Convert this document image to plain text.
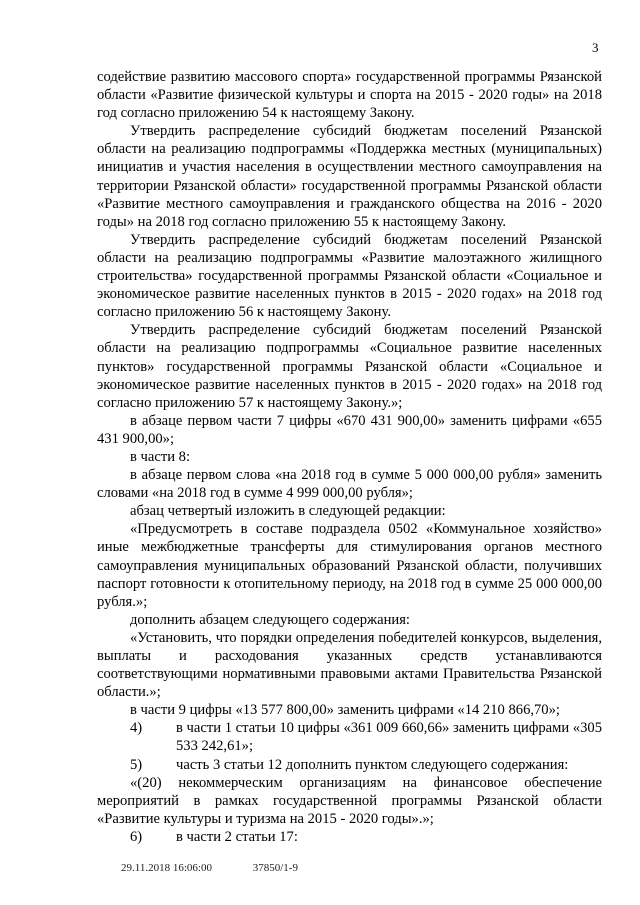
3

содействие развитию массового спорта» государственной программы Рязанской области «Развитие физической культуры и спорта на 2015 - 2020 годы» на 2018 год согласно приложению 54 к настоящему Закону.

Утвердить распределение субсидий бюджетам поселений Рязанской области на реализацию подпрограммы «Поддержка местных (муниципальных) инициатив и участия населения в осуществлении местного самоуправления на территории Рязанской области» государственной программы Рязанской области «Развитие местного самоуправления и гражданского общества на 2016 - 2020 годы» на 2018 год согласно приложению 55 к настоящему Закону.

Утвердить распределение субсидий бюджетам поселений Рязанской области на реализацию подпрограммы «Развитие малоэтажного жилищного строительства» государственной программы Рязанской области «Социальное и экономическое развитие населенных пунктов в 2015 - 2020 годах» на 2018 год согласно приложению 56 к настоящему Закону.

Утвердить распределение субсидий бюджетам поселений Рязанской области на реализацию подпрограммы «Социальное развитие населенных пунктов» государственной программы Рязанской области «Социальное и экономическое развитие населенных пунктов в 2015 - 2020 годах» на 2018 год согласно приложению 57 к настоящему Закону.»;

в абзаце первом части 7 цифры «670 431 900,00» заменить цифрами «655 431 900,00»;

в части 8:

в абзаце первом слова «на 2018 год в сумме 5 000 000,00 рубля» заменить словами «на 2018 год в сумме 4 999 000,00 рубля»;

абзац четвертый изложить в следующей редакции:

«Предусмотреть в составе подраздела 0502 «Коммунальное хозяйство» иные межбюджетные трансферты для стимулирования органов местного самоуправления муниципальных образований Рязанской области, получивших паспорт готовности к отопительному периоду, на 2018 год в сумме 25 000 000,00 рубля.»;

дополнить абзацем следующего содержания:

«Установить, что порядки определения победителей конкурсов, выделения, выплаты и расходования указанных средств устанавливаются соответствующими нормативными правовыми актами Правительства Рязанской области.»;

в части 9 цифры «13 577 800,00» заменить цифрами «14 210 866,70»;

4)	в части 1 статьи 10 цифры «361 009 660,66» заменить цифрами «305 533 242,61»;

5)	часть 3 статьи 12 дополнить пунктом следующего содержания:

«(20) некоммерческим организациям на финансовое обеспечение мероприятий в рамках государственной программы Рязанской области «Развитие культуры и туризма на 2015 - 2020 годы».»;

6)	в части 2 статьи 17:

29.11.2018 16:06:00	37850/1-9
